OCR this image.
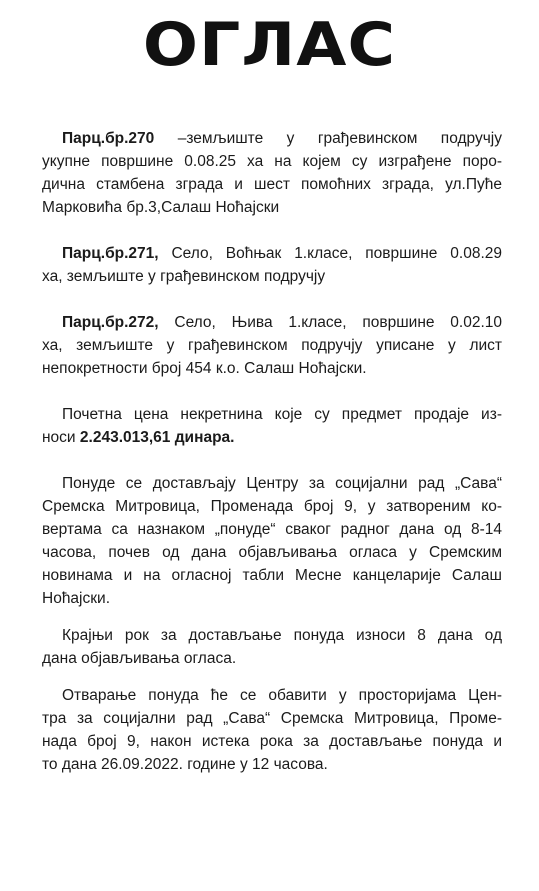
ОГЛАС
Парц.бр.270 –земљиште у грађевинском подручју
укупне површине 0.08.25 ха на којем су изграђене поро-
дична стамбена зграда и шест помоћних зграда, ул.Пуће
Марковића бр.3,Салаш Ноћајски
Парц.бр.271, Село, Воћњак 1.класе, површине 0.08.29
ха, земљиште у грађевинском подручју
Парц.бр.272, Село, Њива 1.класе, површине 0.02.10
ха, земљиште у грађевинском подручју уписане у лист
непокретности број 454 к.о. Салаш Ноћајски.
Почетна цена некретнина које су предмет продаје из-
носи 2.243.013,61 динара.
Понуде се достављају Центру за социјални рад „Сава“
Сремска Митровица, Променада број 9, у затвореним ко-
вертама са назнаком „понуде“ сваког радног дана од 8-14
часова, почев од дана објављивања огласа у Сремским
новинама и на огласној табли Месне канцеларије Салаш
Ноћајски.
Крајњи рок за достављање понуда износи 8 дана од
дана објављивања огласа.
Отварање понуда ће се обавити у просторијама Цен-
тра за социјални рад „Сава“ Сремска Митровица, Проме-
нада број 9, након истека рока за достављање понуда и
то дана 26.09.2022. године у 12 часова.
